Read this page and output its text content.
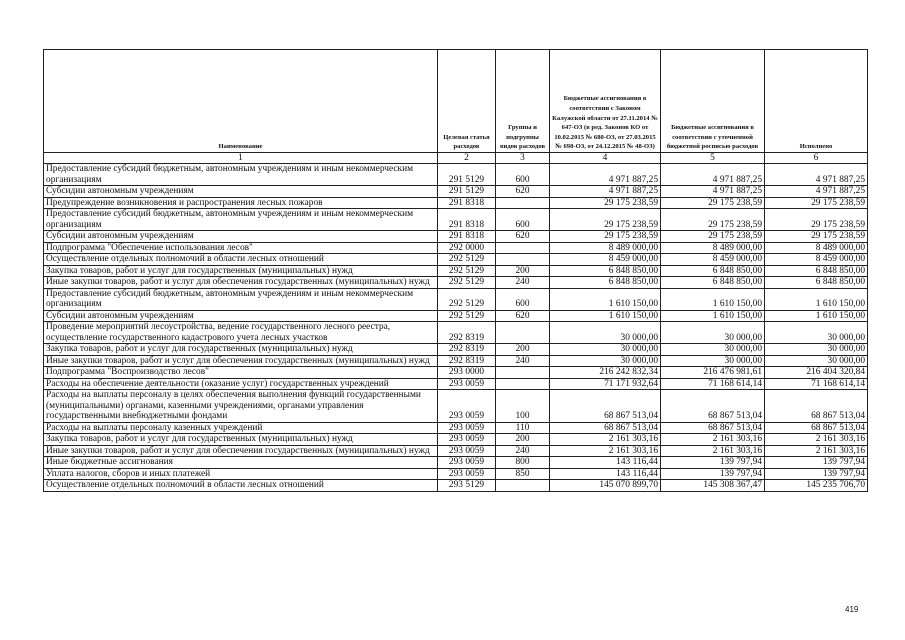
Наименование	Целевая статья расходов	Группы и подгруппы видов расходов	Бюджетные ассигнования в соответствии с Законом Калужской области от 27.11.2014 № 647-ОЗ (в ред. Законов КО от 10.02.2015 № 680-ОЗ, от 27.03.2015 № 698-ОЗ, от 24.12.2015 № 48-ОЗ)	Бюджетные ассигнования в соответствии с уточненной бюджетной росписью расходов	Исполнено
1	2	3	4	5	6
Предоставление субсидий бюджетным, автономным учреждениям и иным некоммерческим организациям	291 5129	600	4 971 887,25	4 971 887,25	4 971 887,25
Субсидии автономным учреждениям	291 5129	620	4 971 887,25	4 971 887,25	4 971 887,25
Предупреждение возникновения и распространения лесных пожаров	291 8318		29 175 238,59	29 175 238,59	29 175 238,59
Предоставление субсидий бюджетным, автономным учреждениям и иным некоммерческим организациям	291 8318	600	29 175 238,59	29 175 238,59	29 175 238,59
Субсидии автономным учреждениям	291 8318	620	29 175 238,59	29 175 238,59	29 175 238,59
Подпрограмма "Обеспечение использования лесов"	292 0000		8 489 000,00	8 489 000,00	8 489 000,00
Осуществление отдельных полномочий в области лесных отношений	292 5129		8 459 000,00	8 459 000,00	8 459 000,00
Закупка товаров, работ и услуг для государственных (муниципальных) нужд	292 5129	200	6 848 850,00	6 848 850,00	6 848 850,00
Иные закупки товаров, работ и услуг для обеспечения государственных (муниципальных) нужд	292 5129	240	6 848 850,00	6 848 850,00	6 848 850,00
Предоставление субсидий бюджетным, автономным учреждениям и иным некоммерческим организациям	292 5129	600	1 610 150,00	1 610 150,00	1 610 150,00
Субсидии автономным учреждениям	292 5129	620	1 610 150,00	1 610 150,00	1 610 150,00
Проведение мероприятий лесоустройства, ведение государственного лесного реестра, осуществление государственного кадастрового учета лесных участков	292 8319		30 000,00	30 000,00	30 000,00
Закупка товаров, работ и услуг для государственных (муниципальных) нужд	292 8319	200	30 000,00	30 000,00	30 000,00
Иные закупки товаров, работ и услуг для обеспечения государственных (муниципальных) нужд	292 8319	240	30 000,00	30 000,00	30 000,00
Подпрограмма "Воспроизводство лесов"	293 0000		216 242 832,34	216 476 981,61	216 404 320,84
Расходы на обеспечение деятельности (оказание услуг) государственных учреждений	293 0059		71 171 932,64	71 168 614,14	71 168 614,14
Расходы на выплаты персоналу в целях обеспечения выполнения функций государственными (муниципальными) органами, казенными учреждениями, органами управления государственными внебюджетными фондами	293 0059	100	68 867 513,04	68 867 513,04	68 867 513,04
Расходы на выплаты персоналу казенных учреждений	293 0059	110	68 867 513,04	68 867 513,04	68 867 513,04
Закупка товаров, работ и услуг для государственных (муниципальных) нужд	293 0059	200	2 161 303,16	2 161 303,16	2 161 303,16
Иные закупки товаров, работ и услуг для обеспечения государственных (муниципальных) нужд	293 0059	240	2 161 303,16	2 161 303,16	2 161 303,16
Иные бюджетные ассигнования	293 0059	800	143 116,44	139 797,94	139 797,94
Уплата налогов, сборов и иных платежей	293 0059	850	143 116,44	139 797,94	139 797,94
Осуществление отдельных полномочий в области лесных отношений	293 5129		145 070 899,70	145 308 367,47	145 235 706,70
419
